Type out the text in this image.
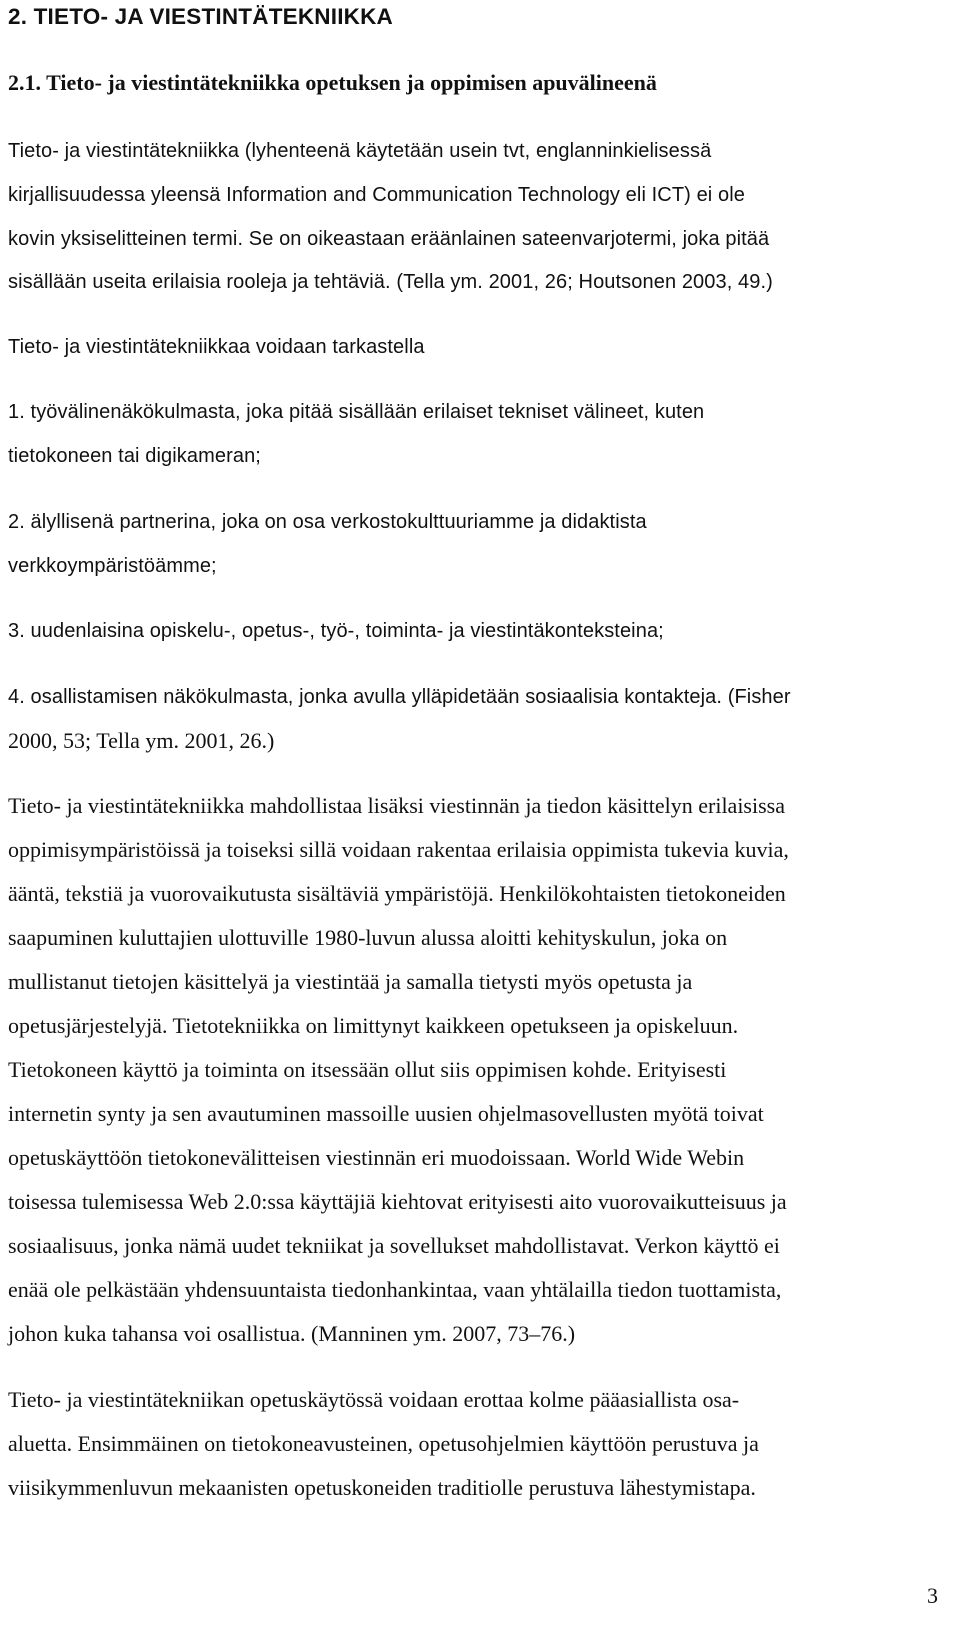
2. TIETO- JA VIESTINTÄTEKNIIKKA
2.1. Tieto- ja viestintätekniikka opetuksen ja oppimisen apuvälineenä
Tieto- ja viestintätekniikka (lyhenteenä käytetään usein tvt, englanninkielisessä
kirjallisuudessa yleensä Information and Communication Technology eli ICT) ei ole
kovin yksiselitteinen termi. Se on oikeastaan eräänlainen sateenvarjotermi, joka pitää
sisällään useita erilaisia rooleja ja tehtäviä. (Tella ym. 2001, 26; Houtsonen 2003, 49.)
Tieto- ja viestintätekniikkaa voidaan tarkastella
1. työvälinenäkökulmasta, joka pitää sisällään erilaiset tekniset välineet, kuten
tietokoneen tai digikameran;
2. älyllisenä partnerina, joka on osa verkostokulttuuriamme ja didaktista
verkkoympäristöämme;
3. uudenlaisina opiskelu-, opetus-, työ-, toiminta- ja viestintäkonteksteina;
4. osallistamisen näkökulmasta, jonka avulla ylläpidetään sosiaalisia kontakteja. (Fisher
2000, 53; Tella ym. 2001, 26.)
Tieto- ja viestintätekniikka mahdollistaa lisäksi viestinnän ja tiedon käsittelyn erilaisissa
oppimisympäristöissä ja toiseksi sillä voidaan rakentaa erilaisia oppimista tukevia kuvia,
ääntä, tekstiä ja vuorovaikutusta sisältäviä ympäristöjä. Henkilökohtaisten tietokoneiden
saapuminen kuluttajien ulottuville 1980-luvun alussa aloitti kehityskulun, joka on
mullistanut tietojen käsittelyä ja viestintää ja samalla tietysti myös opetusta ja
opetusjärjestelyjä. Tietotekniikka on limittynyt kaikkeen opetukseen ja opiskeluun.
Tietokoneen käyttö ja toiminta on itsessään ollut siis oppimisen kohde. Erityisesti
internetin synty ja sen avautuminen massoille uusien ohjelmasovellusten myötä toivat
opetuskäyttöön tietokonevälitteisen viestinnän eri muodoissaan. World Wide Webin
toisessa tulemisessa Web 2.0:ssa käyttäjiä kiehtovat erityisesti aito vuorovaikutteisuus ja
sosiaalisuus, jonka nämä uudet tekniikat ja sovellukset mahdollistavat. Verkon käyttö ei
enää ole pelkästään yhdensuuntaista tiedonhankintaa, vaan yhtälailla tiedon tuottamista,
johon kuka tahansa voi osallistua. (Manninen ym. 2007, 73–76.)
Tieto- ja viestintätekniikan opetuskäytössä voidaan erottaa kolme pääasiallista osa-
aluetta. Ensimmäinen on tietokoneavusteinen, opetusohjelmien käyttöön perustuva ja
viisikymmenluvun mekaanisten opetuskoneiden traditiolle perustuva lähestymistapa.
3
